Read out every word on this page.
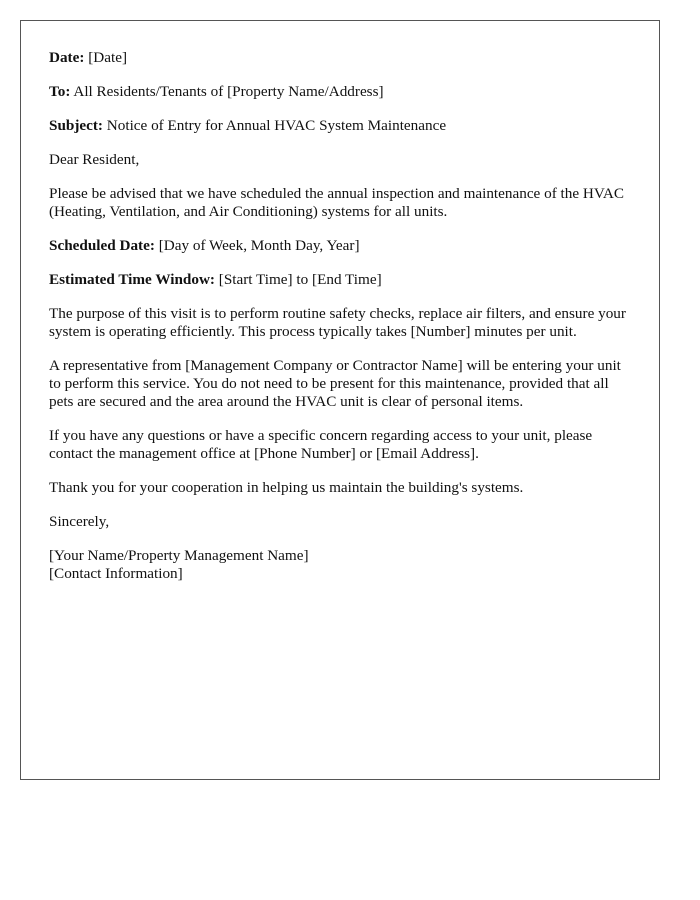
Date: [Date]

To: All Residents/Tenants of [Property Name/Address]

Subject: Notice of Entry for Annual HVAC System Maintenance

Dear Resident,

Please be advised that we have scheduled the annual inspection and maintenance of the HVAC (Heating, Ventilation, and Air Conditioning) systems for all units.

Scheduled Date: [Day of Week, Month Day, Year]

Estimated Time Window: [Start Time] to [End Time]

The purpose of this visit is to perform routine safety checks, replace air filters, and ensure your system is operating efficiently. This process typically takes [Number] minutes per unit.

A representative from [Management Company or Contractor Name] will be entering your unit to perform this service. You do not need to be present for this maintenance, provided that all pets are secured and the area around the HVAC unit is clear of personal items.

If you have any questions or have a specific concern regarding access to your unit, please contact the management office at [Phone Number] or [Email Address].

Thank you for your cooperation in helping us maintain the building's systems.

Sincerely,

[Your Name/Property Management Name]

[Contact Information]
